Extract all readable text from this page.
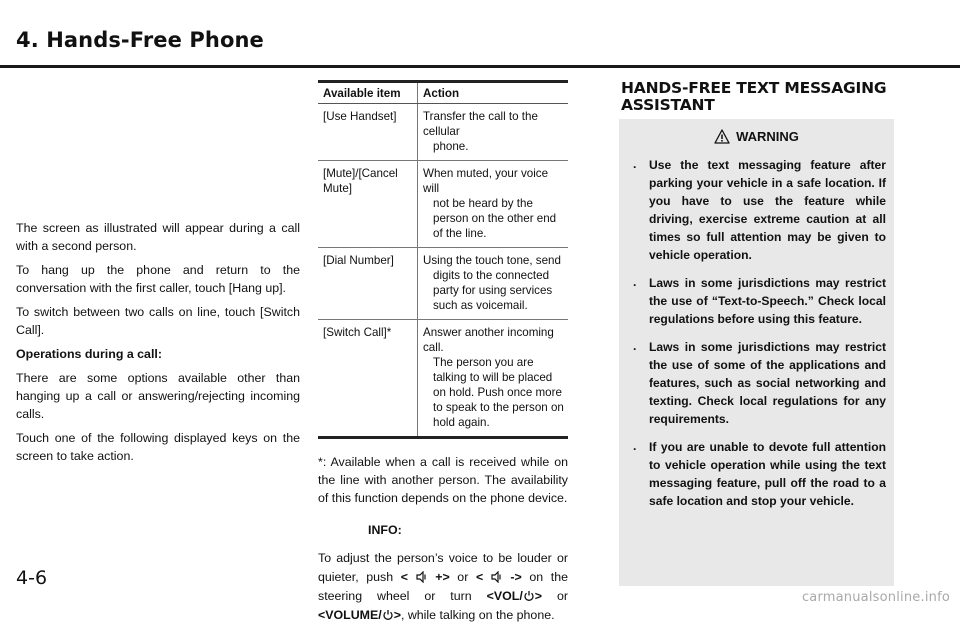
4. Hands-Free Phone

The screen as illustrated will appear during a call with a second person.

To hang up the phone and return to the conversation with the first caller, touch [Hang up].

To switch between two calls on line, touch [Switch Call].

Operations during a call:

There are some options available other than hanging up a call or answering/rejecting incoming calls.

Touch one of the following displayed keys on the screen to take action.

Available item	Action
[Use Handset]	Transfer the call to the cellular
phone.

[Mute]/[Cancel Mute]	When muted, your voice will
not be heard by the person on the other end of the line.

[Dial Number]	Using the touch tone, send
digits to the connected party for using services such as voicemail.

[Switch Call]*	Answer another incoming call.
The person you are talking to will be placed on hold. Push once more to speak to the person on hold again.

*: Available when a call is received while on the line with another person. The availability of this function depends on the phone device.

INFO:

To adjust the person’s voice to be louder or quieter, push < +> or < -> on the steering wheel or turn <VOL/ > or <VOLUME/ >, while talking on the phone.

HANDS-FREE TEXT MESSAGING
ASSISTANT
WARNING
. Use the text messaging feature after parking your vehicle in a safe location. If you have to use the feature while driving, exercise extreme caution at all times so full attention may be given to vehicle operation.
. Laws in some jurisdictions may restrict the use of “Text-to-Speech.” Check local regulations before using this feature.
. Laws in some jurisdictions may restrict the use of some of the applications and features, such as social networking and texting. Check local regulations for any requirements.
. If you are unable to devote full attention to vehicle operation while using the text messaging feature, pull off the road to a safe location and stop your vehicle.
4-6
carmanualsonline.info
